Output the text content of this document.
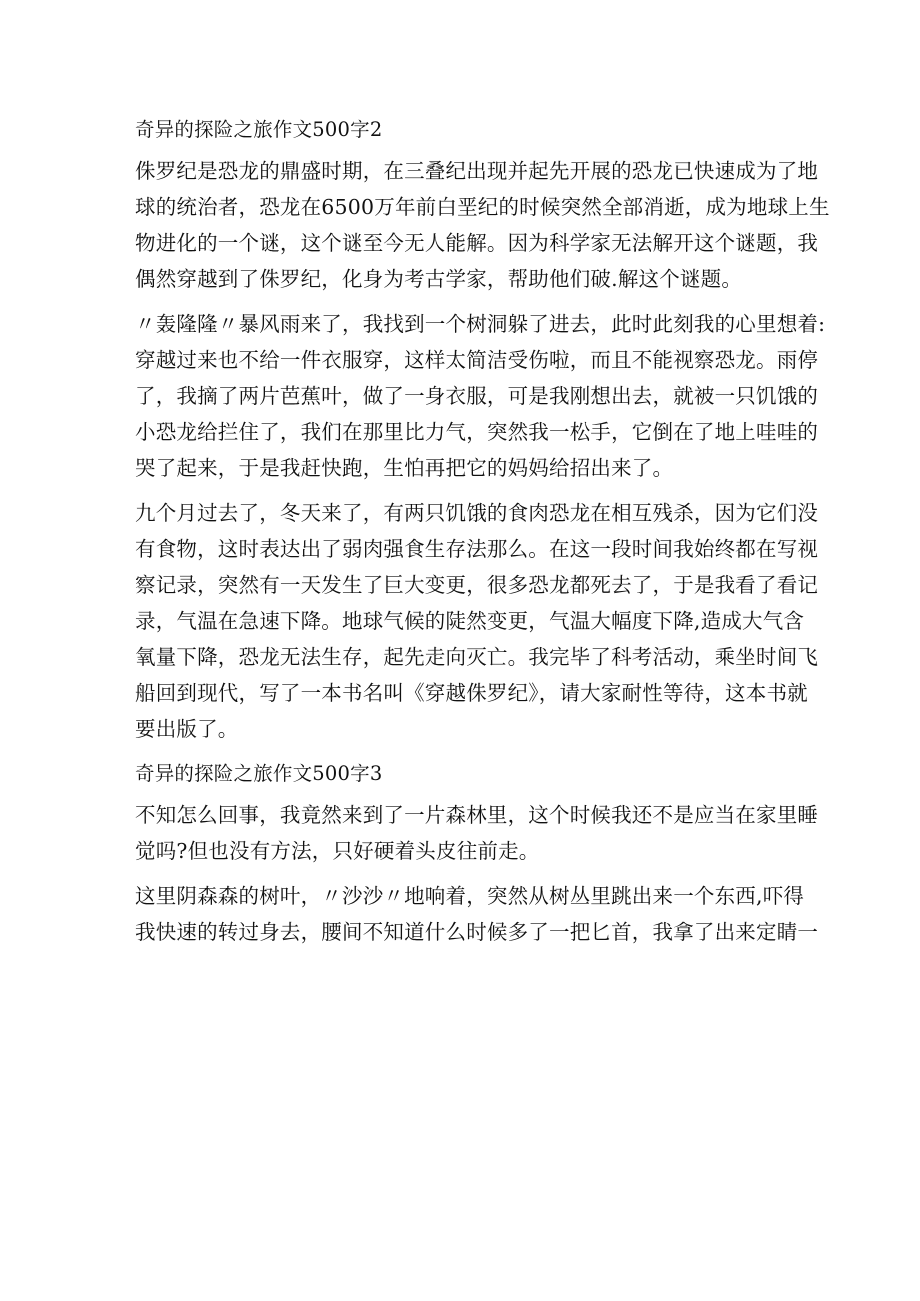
奇异的探险之旅作文500字2
侏罗纪是恐龙的鼎盛时期，在三叠纪出现并起先开展的恐龙已快速成为了地
球的统治者，恐龙在6500万年前白垩纪的时候突然全部消逝，成为地球上生
物进化的一个谜，这个谜至今无人能解。因为科学家无法解开这个谜题，我
偶然穿越到了侏罗纪，化身为考古学家，帮助他们破.解这个谜题。
〃轰隆隆〃暴风雨来了，我找到一个树洞躲了进去，此时此刻我的心里想着:
穿越过来也不给一件衣服穿，这样太简洁受伤啦，而且不能视察恐龙。雨停
了，我摘了两片芭蕉叶，做了一身衣服，可是我刚想出去，就被一只饥饿的
小恐龙给拦住了，我们在那里比力气，突然我一松手，它倒在了地上哇哇的
哭了起来，于是我赶快跑，生怕再把它的妈妈给招出来了。
九个月过去了，冬天来了，有两只饥饿的食肉恐龙在相互残杀，因为它们没
有食物，这时表达出了弱肉强食生存法那么。在这一段时间我始终都在写视
察记录，突然有一天发生了巨大变更，很多恐龙都死去了，于是我看了看记
录，气温在急速下降。地球气候的陡然变更，气温大幅度下降,造成大气含
氧量下降，恐龙无法生存，起先走向灭亡。我完毕了科考活动，乘坐时间飞
船回到现代，写了一本书名叫《穿越侏罗纪》，请大家耐性等待，这本书就
要出版了。
奇异的探险之旅作文500字3
不知怎么回事，我竟然来到了一片森林里，这个时候我还不是应当在家里睡
觉吗?但也没有方法，只好硬着头皮往前走。
这里阴森森的树叶，〃沙沙〃地响着，突然从树丛里跳出来一个东西,吓得
我快速的转过身去，腰间不知道什么时候多了一把匕首，我拿了出来定睛一
